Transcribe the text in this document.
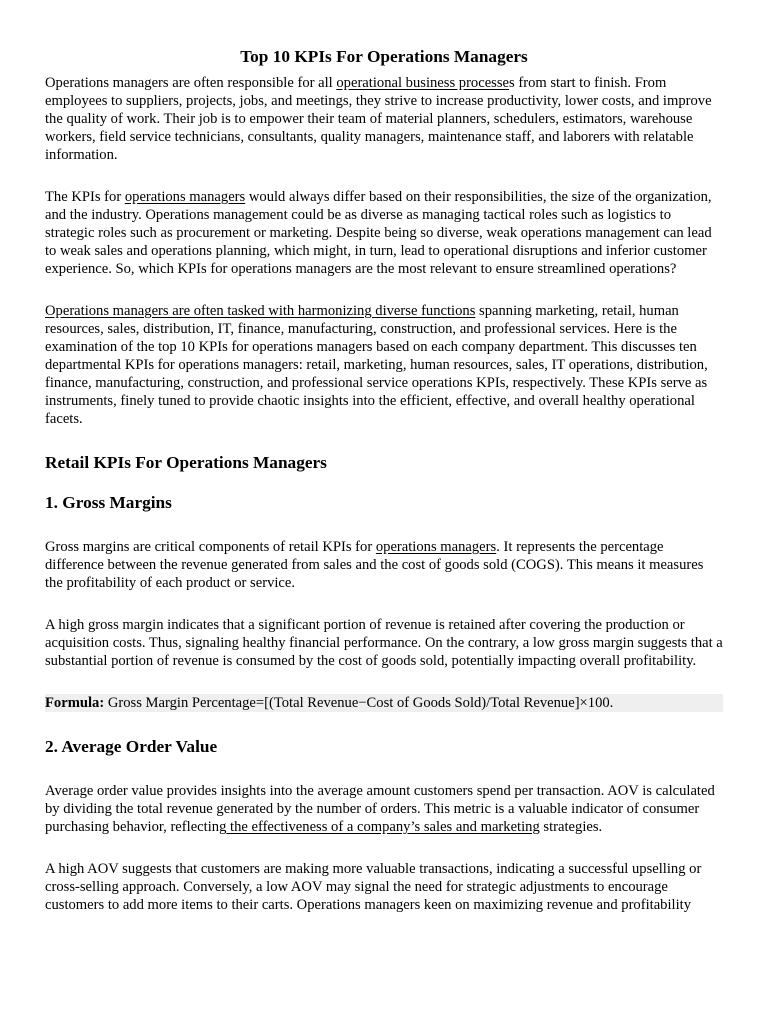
Top 10 KPIs For Operations Managers

Operations managers are often responsible for all operational business processes from start to finish. From employees to suppliers, projects, jobs, and meetings, they strive to increase productivity, lower costs, and improve the quality of work. Their job is to empower their team of material planners, schedulers, estimators, warehouse workers, field service technicians, consultants, quality managers, maintenance staff, and laborers with relatable information.

The KPIs for operations managers would always differ based on their responsibilities, the size of the organization, and the industry. Operations management could be as diverse as managing tactical roles such as logistics to strategic roles such as procurement or marketing. Despite being so diverse, weak operations management can lead to weak sales and operations planning, which might, in turn, lead to operational disruptions and inferior customer experience. So, which KPIs for operations managers are the most relevant to ensure streamlined operations?

Operations managers are often tasked with harmonizing diverse functions spanning marketing, retail, human resources, sales, distribution, IT, finance, manufacturing, construction, and professional services. Here is the examination of the top 10 KPIs for operations managers based on each company department. This discusses ten departmental KPIs for operations managers: retail, marketing, human resources, sales, IT operations, distribution, finance, manufacturing, construction, and professional service operations KPIs, respectively. These KPIs serve as instruments, finely tuned to provide chaotic insights into the efficient, effective, and overall healthy operational facets.

Retail KPIs For Operations Managers
1. Gross Margins

Gross margins are critical components of retail KPIs for operations managers. It represents the percentage difference between the revenue generated from sales and the cost of goods sold (COGS). This means it measures the profitability of each product or service.

A high gross margin indicates that a significant portion of revenue is retained after covering the production or acquisition costs. Thus, signaling healthy financial performance. On the contrary, a low gross margin suggests that a substantial portion of revenue is consumed by the cost of goods sold, potentially impacting overall profitability.

Formula: Gross Margin Percentage=[(Total Revenue−Cost of Goods Sold)/Total Revenue]×100.
2. Average Order Value

Average order value provides insights into the average amount customers spend per transaction. AOV is calculated by dividing the total revenue generated by the number of orders. This metric is a valuable indicator of consumer purchasing behavior, reflecting the effectiveness of a company’s sales and marketing strategies.

A high AOV suggests that customers are making more valuable transactions, indicating a successful upselling or cross-selling approach. Conversely, a low AOV may signal the need for strategic adjustments to encourage customers to add more items to their carts. Operations managers keen on maximizing revenue and profitability
